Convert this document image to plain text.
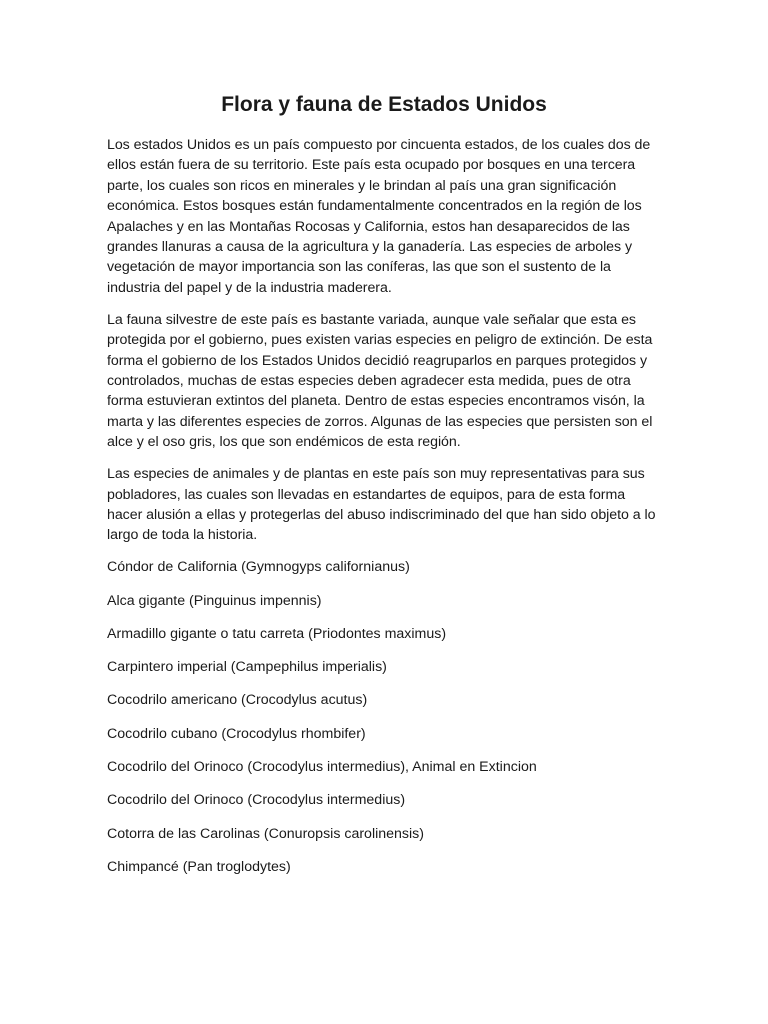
Flora y fauna de Estados Unidos

Los estados Unidos es un país compuesto por cincuenta estados, de los cuales dos de ellos están fuera de su territorio. Este país esta ocupado por bosques en una tercera parte, los cuales son ricos en minerales y le brindan al país una gran significación económica. Estos bosques están fundamentalmente concentrados en la región de los Apalaches y en las Montañas Rocosas y California, estos han desaparecidos de las grandes llanuras a causa de la agricultura y la ganadería. Las especies de arboles y vegetación de mayor importancia son las coníferas, las que son el sustento de la industria del papel y de la industria maderera.

La fauna silvestre de este país es bastante variada, aunque vale señalar que esta es protegida por el gobierno, pues existen varias especies en peligro de extinción. De esta forma el gobierno de los Estados Unidos decidió reagruparlos en parques protegidos y controlados, muchas de estas especies deben agradecer esta medida, pues de otra forma estuvieran extintos del planeta. Dentro de estas especies encontramos visón, la marta y las diferentes especies de zorros. Algunas de las especies que persisten son el alce y el oso gris, los que son endémicos de esta región.

Las especies de animales y de plantas en este país son muy representativas para sus pobladores, las cuales son llevadas en estandartes de equipos, para de esta forma hacer alusión a ellas y protegerlas del abuso indiscriminado del que han sido objeto a lo largo de toda la historia.

Cóndor de California (Gymnogyps californianus)
Alca gigante (Pinguinus impennis)
Armadillo gigante o tatu carreta (Priodontes maximus)
Carpintero imperial (Campephilus imperialis)
Cocodrilo americano (Crocodylus acutus)
Cocodrilo cubano (Crocodylus rhombifer)
Cocodrilo del Orinoco (Crocodylus intermedius), Animal en Extincion
Cocodrilo del Orinoco (Crocodylus intermedius)
Cotorra de las Carolinas (Conuropsis carolinensis)
Chimpancé (Pan troglodytes)
